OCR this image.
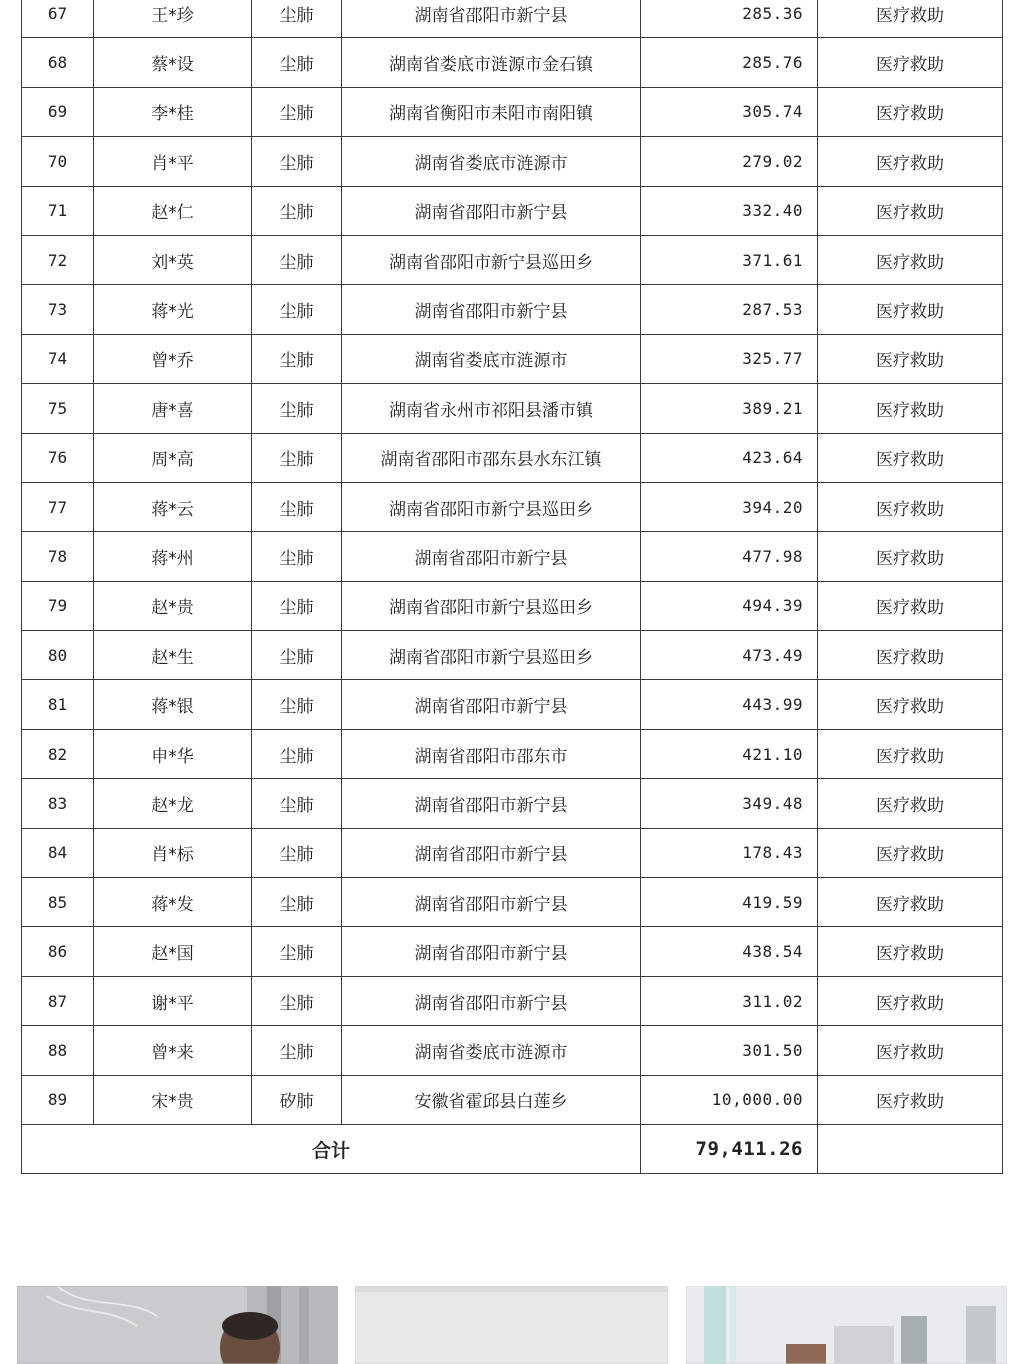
67	王*珍	尘肺	湖南省邵阳市新宁县	285.36	医疗救助
68	蔡*设	尘肺	湖南省娄底市涟源市金石镇	285.76	医疗救助
69	李*桂	尘肺	湖南省衡阳市耒阳市南阳镇	305.74	医疗救助
70	肖*平	尘肺	湖南省娄底市涟源市	279.02	医疗救助
71	赵*仁	尘肺	湖南省邵阳市新宁县	332.40	医疗救助
72	刘*英	尘肺	湖南省邵阳市新宁县巡田乡	371.61	医疗救助
73	蒋*光	尘肺	湖南省邵阳市新宁县	287.53	医疗救助
74	曾*乔	尘肺	湖南省娄底市涟源市	325.77	医疗救助
75	唐*喜	尘肺	湖南省永州市祁阳县潘市镇	389.21	医疗救助
76	周*高	尘肺	湖南省邵阳市邵东县水东江镇	423.64	医疗救助
77	蒋*云	尘肺	湖南省邵阳市新宁县巡田乡	394.20	医疗救助
78	蒋*州	尘肺	湖南省邵阳市新宁县	477.98	医疗救助
79	赵*贵	尘肺	湖南省邵阳市新宁县巡田乡	494.39	医疗救助
80	赵*生	尘肺	湖南省邵阳市新宁县巡田乡	473.49	医疗救助
81	蒋*银	尘肺	湖南省邵阳市新宁县	443.99	医疗救助
82	申*华	尘肺	湖南省邵阳市邵东市	421.10	医疗救助
83	赵*龙	尘肺	湖南省邵阳市新宁县	349.48	医疗救助
84	肖*标	尘肺	湖南省邵阳市新宁县	178.43	医疗救助
85	蒋*发	尘肺	湖南省邵阳市新宁县	419.59	医疗救助
86	赵*国	尘肺	湖南省邵阳市新宁县	438.54	医疗救助
87	谢*平	尘肺	湖南省邵阳市新宁县	311.02	医疗救助
88	曾*来	尘肺	湖南省娄底市涟源市	301.50	医疗救助
89	宋*贵	矽肺	安徽省霍邱县白莲乡	10,000.00	医疗救助
合计				79,411.26	
